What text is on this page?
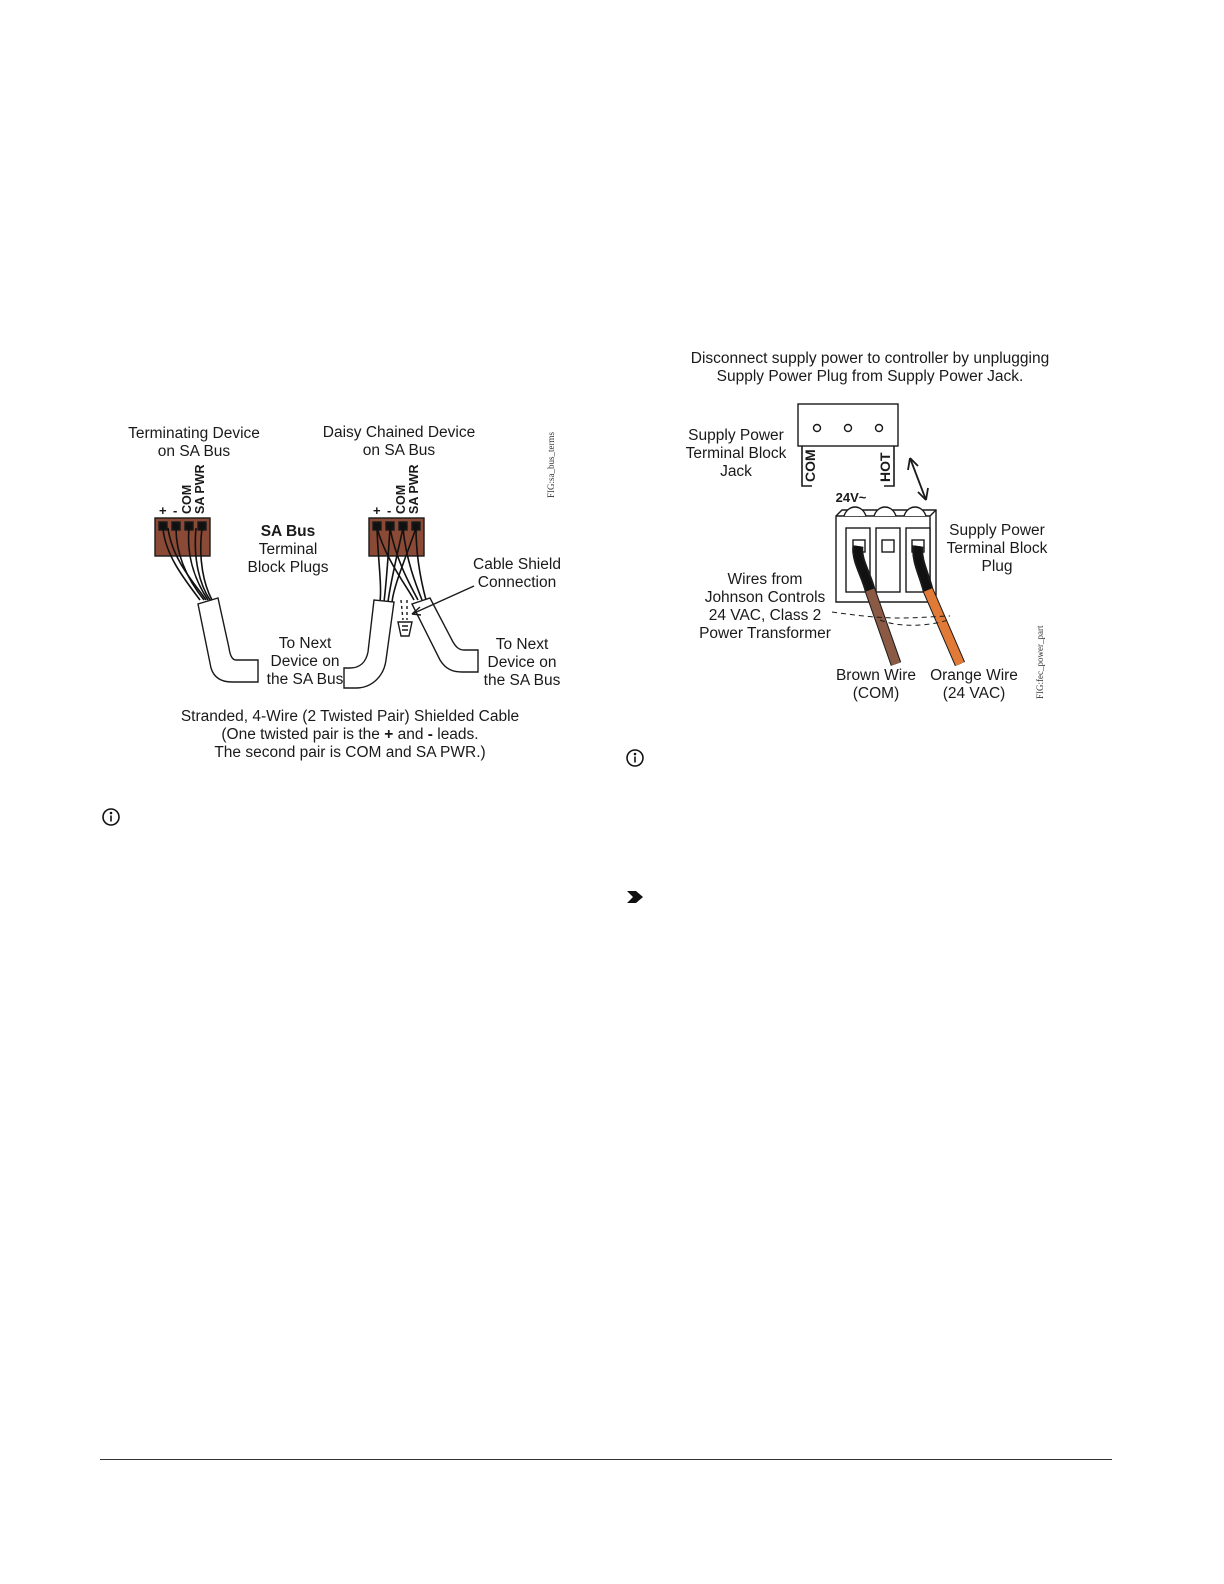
Terminating Device
on SA Bus
Daisy Chained Device
on SA Bus	FIG:sa_bus_terms
+ - COM SA PWR	+ - COM SA PWR
SA Bus
Terminal
Block Plugs	Cable Shield
Connection
To Next
Device on
the SA Bus
To Next
Device on
the SA Bus
Stranded, 4-Wire (2 Twisted Pair) Shielded Cable
(One twisted pair is the + and - leads.
The second pair is COM and SA PWR.)
Disconnect supply power to controller by unplugging
Supply Power Plug from Supply Power Jack.
Supply Power
Terminal Block
Jack	COM	HOT
24V~
Supply Power
Terminal Block
Plug
Wires from
Johnson Controls
24 VAC, Class 2
Power Transformer
Brown Wire
(COM)
Orange Wire
(24 VAC)	FIG:fec_power_part
